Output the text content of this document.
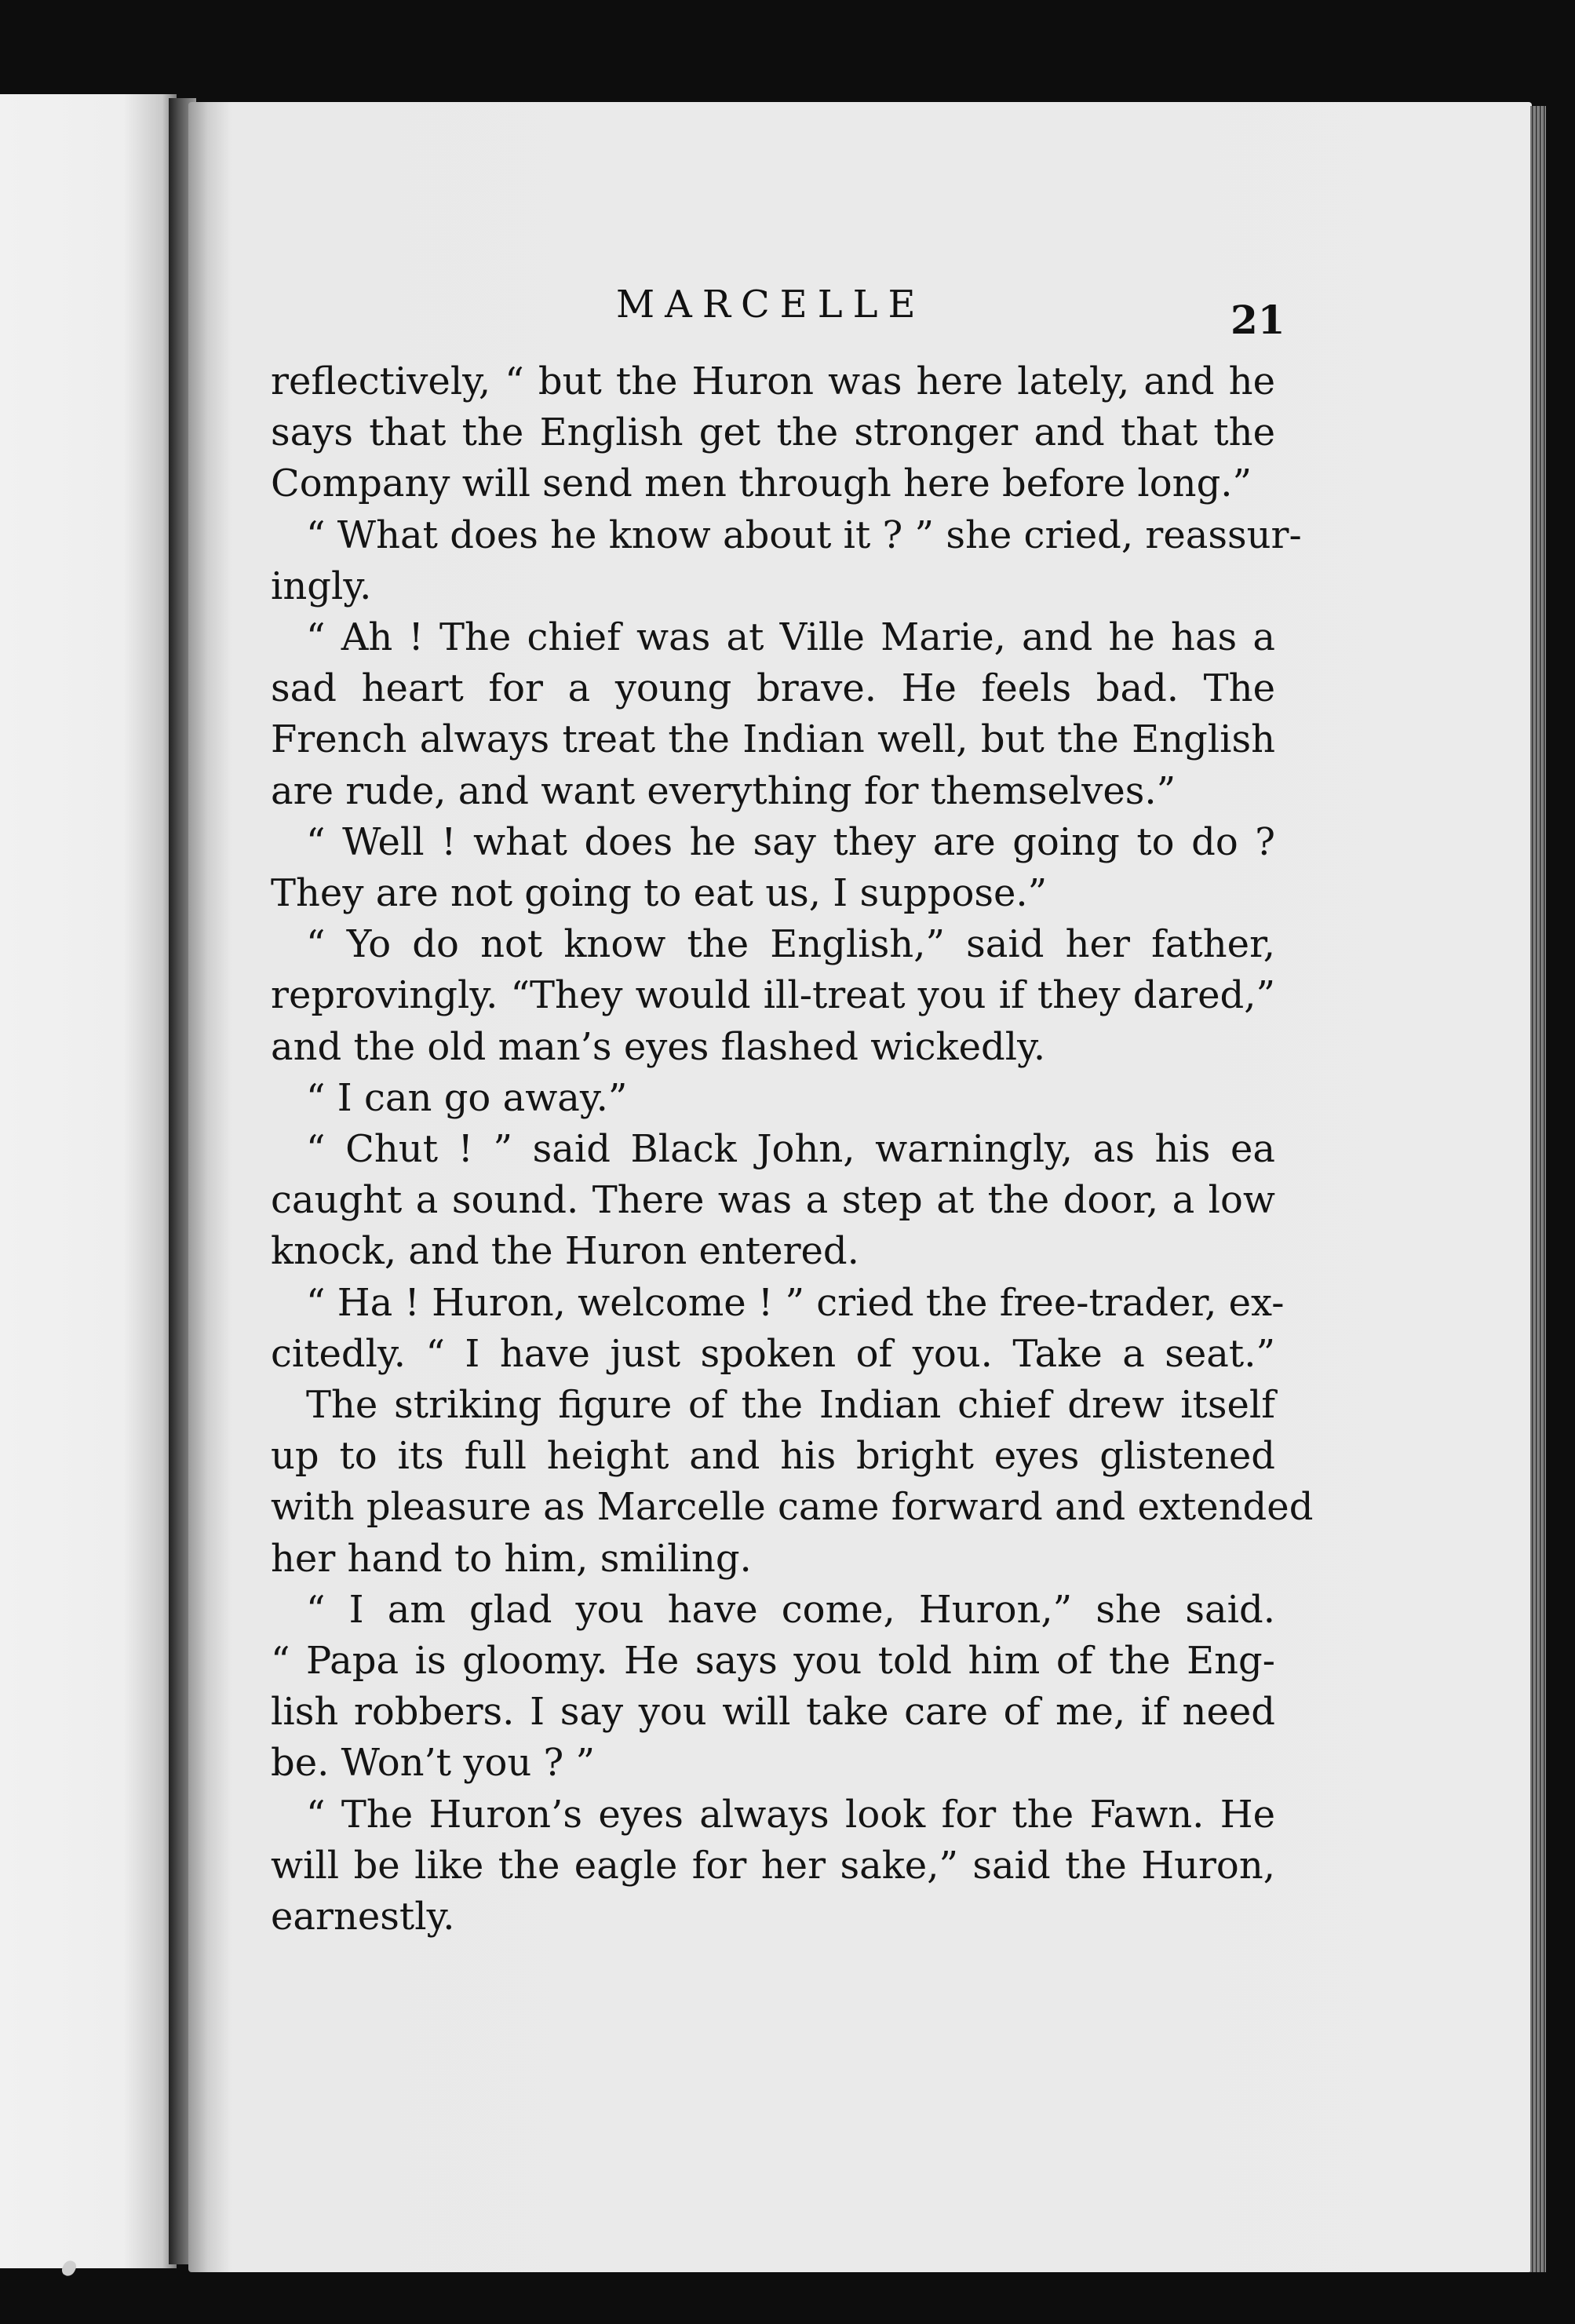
MARCELLE	21
reflectively, “ but the Huron was here lately, and he
says that the English get the stronger and that the
Company will send men through here before long.”
“ What does he know about it ? ” she cried, reassur-
ingly.
“ Ah ! The chief was at Ville Marie, and he has a
sad heart for a young brave. He feels bad. The
French always treat the Indian well, but the English
are rude, and want everything for themselves.”
“ Well ! what does he say they are going to do ?
They are not going to eat us, I suppose.”
“ Yo do not know the English,” said her father,
reprovingly. “They would ill-treat you if they dared,”
and the old man’s eyes flashed wickedly.
“ I can go away.”
“ Chut ! ” said Black John, warningly, as his ea
caught a sound. There was a step at the door, a low
knock, and the Huron entered.
“ Ha ! Huron, welcome ! ” cried the free-trader, ex-
citedly. “ I have just spoken of you. Take a seat.”
The striking figure of the Indian chief drew itself
up to its full height and his bright eyes glistened
with pleasure as Marcelle came forward and extended
her hand to him, smiling.
“ I am glad you have come, Huron,” she said.
“ Papa is gloomy. He says you told him of the Eng-
lish robbers. I say you will take care of me, if need
be. Won’t you ? ”
“ The Huron’s eyes always look for the Fawn. He
will be like the eagle for her sake,” said the Huron,
earnestly.
